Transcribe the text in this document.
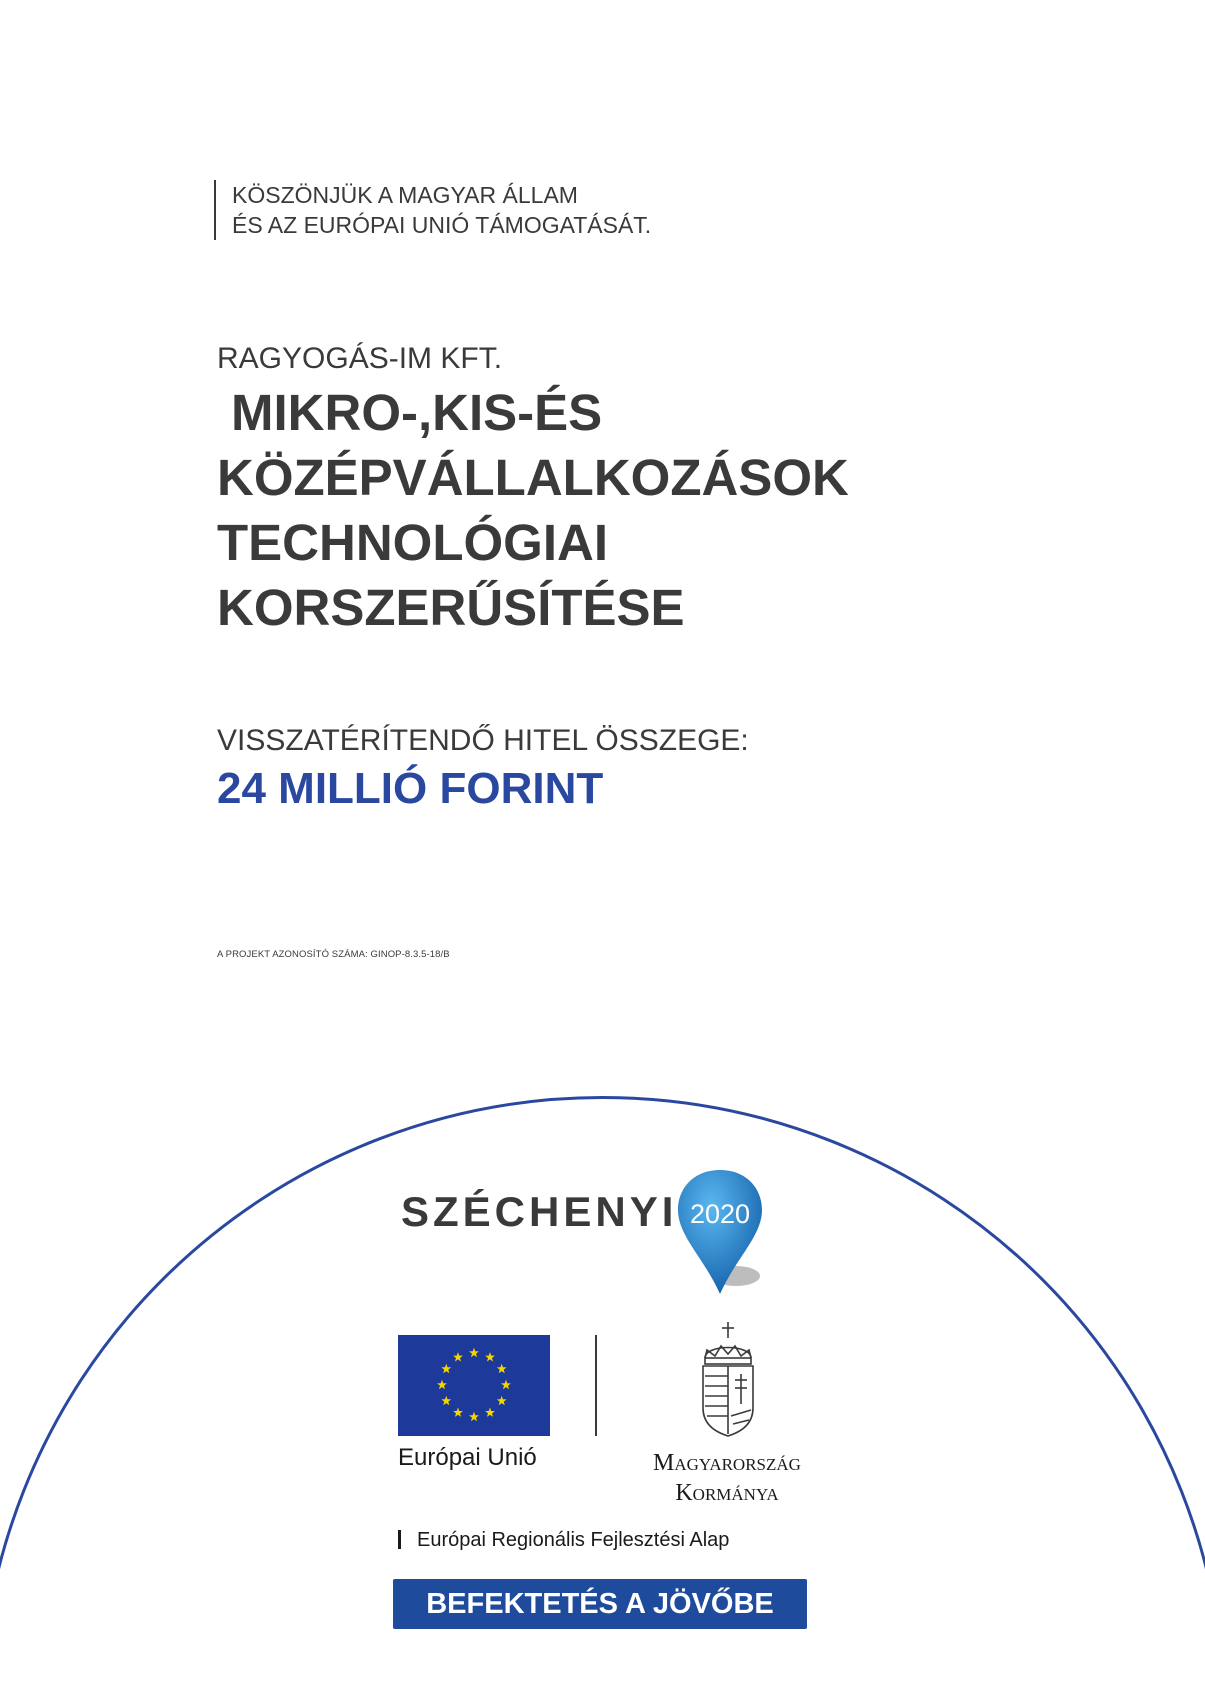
KÖSZÖNJÜK A MAGYAR ÁLLAM
ÉS AZ EURÓPAI UNIÓ TÁMOGATÁSÁT.
RAGYOGÁS-IM KFT.
MIKRO-,KIS-ÉS
KÖZÉPVÁLLALKOZÁSOK
TECHNOLÓGIAI
KORSZERŰSÍTÉSE
VISSZATÉRÍTENDŐ HITEL ÖSSZEGE:
24 MILLIÓ FORINT
A PROJEKT AZONOSÍTÓ SZÁMA: GINOP-8.3.5-18/B
SZÉCHENYI 2020
Európai Unió	Magyarország
Kormánya
Európai Regionális Fejlesztési Alap
BEFEKTETÉS A JÖVŐBE
